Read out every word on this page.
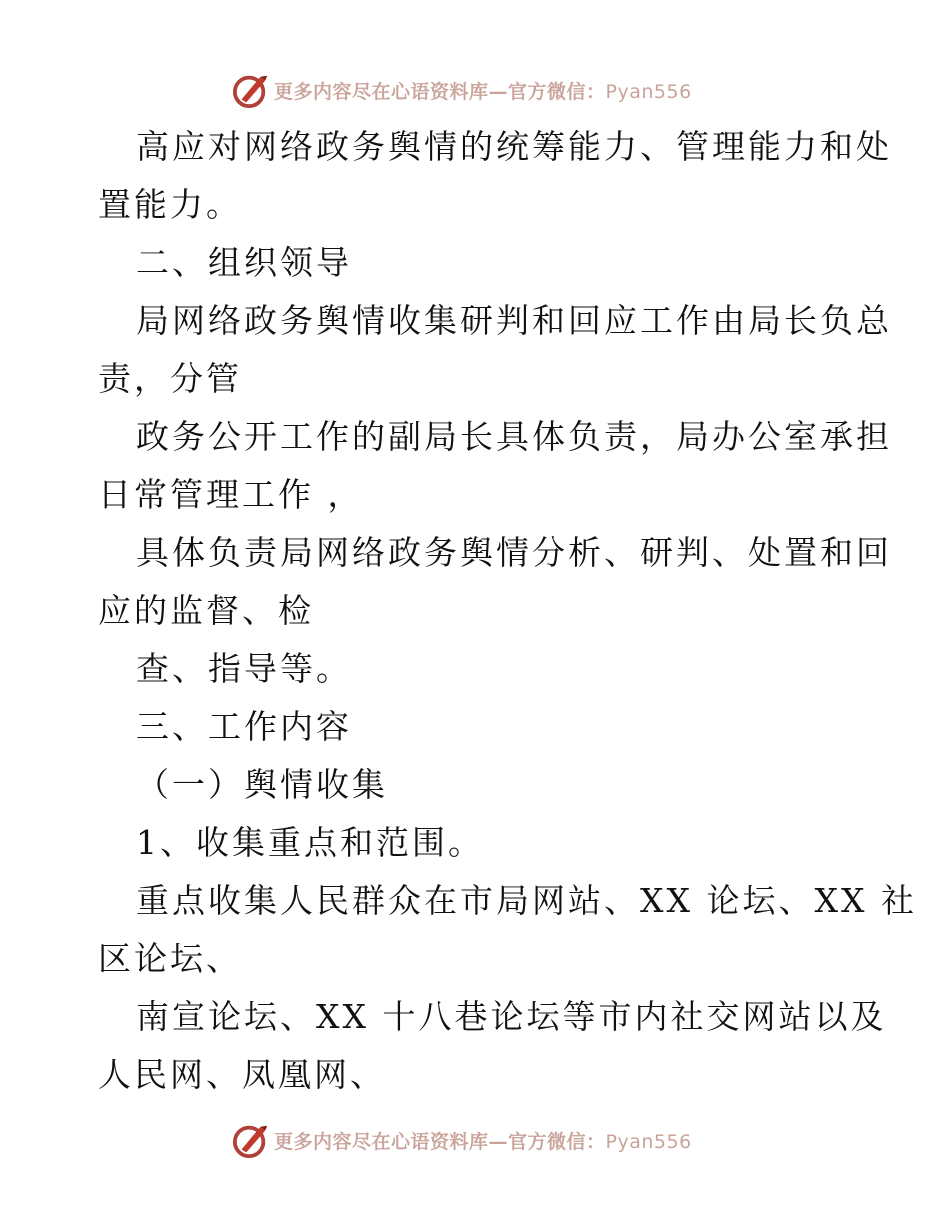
更多内容尽在心语资料库—官方微信：Pyan556
高应对网络政务舆情的统筹能力、管理能力和处
置能力。
二、组织领导
局网络政务舆情收集研判和回应工作由局长负总
责，分管
政务公开工作的副局长具体负责，局办公室承担
日常管理工作 ，
具体负责局网络政务舆情分析、研判、处置和回
应的监督、检
查、指导等。
三、工作内容
（一）舆情收集
1、收集重点和范围。
重点收集人民群众在市局网站、XX 论坛、XX 社
区论坛、
南宣论坛、XX 十八巷论坛等市内社交网站以及
人民网、凤凰网、
更多内容尽在心语资料库—官方微信：Pyan556
